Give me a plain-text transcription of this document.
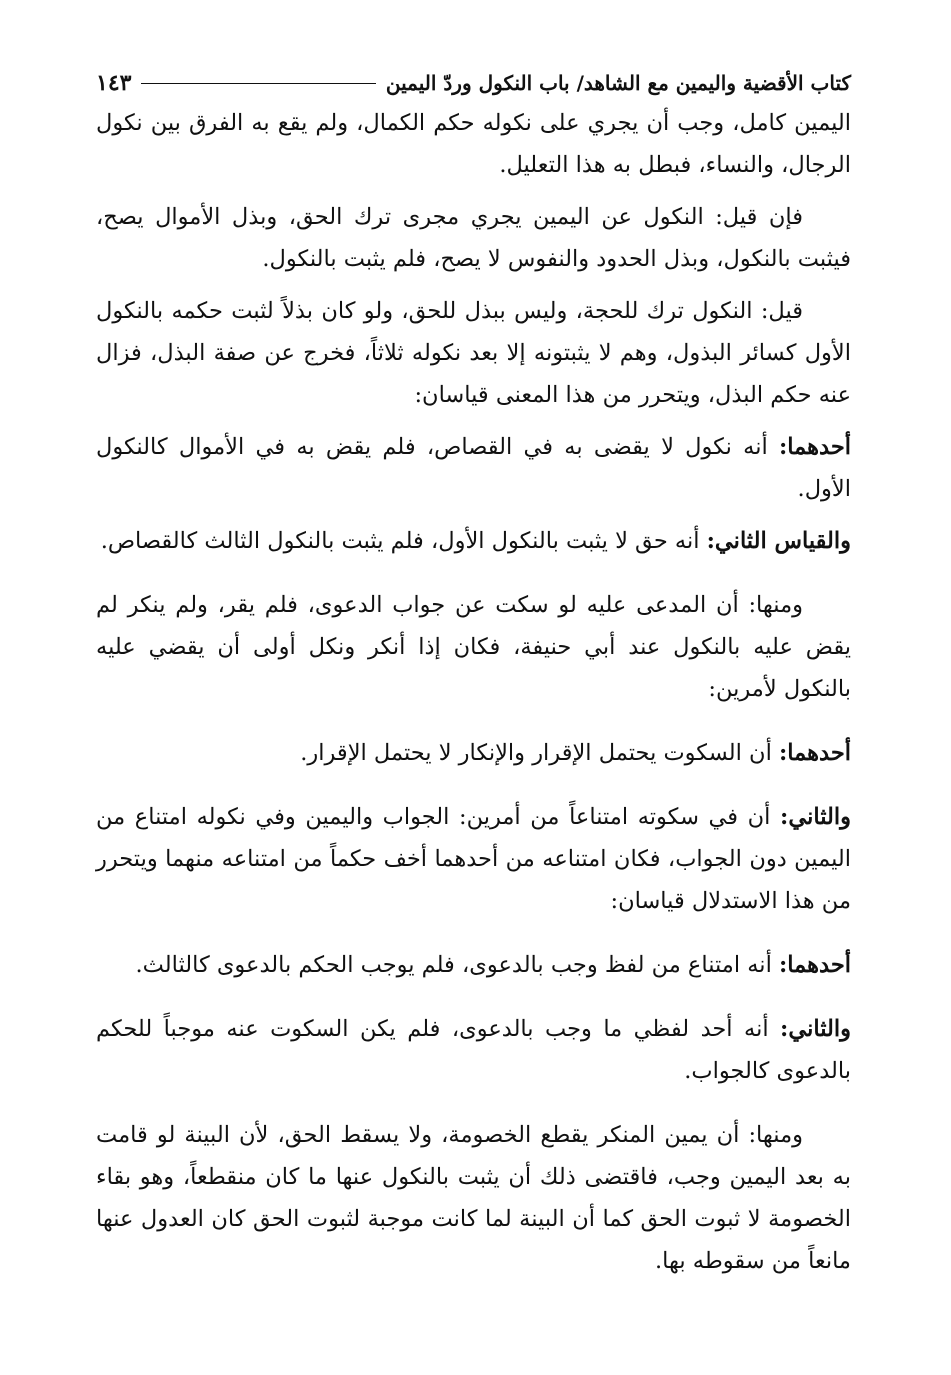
كتاب الأقضية واليمين مع الشاهد/ باب النكول وردّ اليمين
١٤٣

اليمين كامل، وجب أن يجري على نكوله حكم الكمال، ولم يقع به الفرق بين نكول الرجال، والنساء، فبطل به هذا التعليل.

فإن قيل: النكول عن اليمين يجري مجرى ترك الحق، وبذل الأموال يصح، فيثبت بالنكول، وبذل الحدود والنفوس لا يصح، فلم يثبت بالنكول.

قيل: النكول ترك للحجة، وليس ببذل للحق، ولو كان بذلاً لثبت حكمه بالنكول الأول كسائر البذول، وهم لا يثبتونه إلا بعد نكوله ثلاثاً، فخرج عن صفة البذل، فزال عنه حكم البذل، ويتحرر من هذا المعنى قياسان:

أحدهما: أنه نكول لا يقضى به في القصاص، فلم يقض به في الأموال كالنكول الأول.

والقياس الثاني: أنه حق لا يثبت بالنكول الأول، فلم يثبت بالنكول الثالث كالقصاص.

ومنها: أن المدعى عليه لو سكت عن جواب الدعوى، فلم يقر، ولم ينكر لم يقض عليه بالنكول عند أبي حنيفة، فكان إذا أنكر ونكل أولى أن يقضي عليه بالنكول لأمرين:

أحدهما: أن السكوت يحتمل الإقرار والإنكار لا يحتمل الإقرار.

والثاني: أن في سكوته امتناعاً من أمرين: الجواب واليمين وفي نكوله امتناع من اليمين دون الجواب، فكان امتناعه من أحدهما أخف حكماً من امتناعه منهما ويتحرر من هذا الاستدلال قياسان:

أحدهما: أنه امتناع من لفظ وجب بالدعوى، فلم يوجب الحكم بالدعوى كالثالث.

والثاني: أنه أحد لفظي ما وجب بالدعوى، فلم يكن السكوت عنه موجباً للحكم بالدعوى كالجواب.

ومنها: أن يمين المنكر يقطع الخصومة، ولا يسقط الحق، لأن البينة لو قامت به بعد اليمين وجب، فاقتضى ذلك أن يثبت بالنكول عنها ما كان منقطعاً، وهو بقاء الخصومة لا ثبوت الحق كما أن البينة لما كانت موجبة لثبوت الحق كان العدول عنها مانعاً من سقوطه بها.
